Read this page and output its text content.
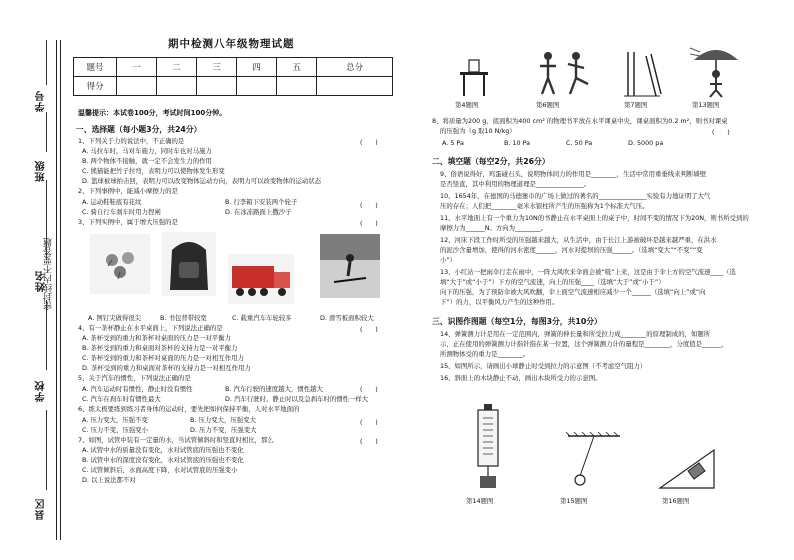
学号
班级
姓名
密封线内不要答题
学校
县区
期中检测八年级物理试题
题号	一	二	三	四	五	总分
得分						
温馨提示：本试卷100分，考试时间100分钟。
一、选择题（每小题3分，共24分）
1、下列关于力的说法中，不正确的是	(　　)
A. 马拉车时，马对车施力，同时车也对马施力
B. 两个物体不接触，就一定不会发生力的作用
C. 熊猫能把竹子拉弯，表明力可以使物体发生形变
D. 篮球被球拍击回，表明力可以改变物体运动方向，表明力可以改变物体的运动状态
2、下列事例中，能减小摩擦力的是
(　　)
A. 运动鞋鞋底有花纹	B. 行李箱下安装两个轮子
C. 骑自行车刹车时用力捏闸	D. 在冰冻路面上撒沙子
3、下列实例中，属于增大压强的是	(　　)
A. 图钉尖做得很尖	B. 书包背带较宽	C. 载重汽车车轮较多	D. 滑雪板面积较大
4、有一茶杯静止在水平桌面上，下列说法正确的是	(　　)
A. 茶杯受到的重力和茶杯对桌面的压力是一对平衡力
B. 茶杯受到的重力和桌面对茶杯的支持力是一对平衡力
C. 茶杯受到的重力和茶杯对桌面的压力是一对相互作用力
D. 茶杯受到的重力和桌面对茶杯的支持力是一对相互作用力
5、关于汽车的惯性，下列说法正确的是
(　　)
A. 汽车运动时有惯性，静止时没有惯性	B. 汽车行驶的速度越大，惯性越大
C. 汽车在刹车时有惯性最大	D. 汽车行驶时、静止时以及急刹车时的惯性一样大
6、练太极要练到练习者身体的运动时，要先把如何保持平衡，人对水平地面的
(　　)
A. 压力变大，压强不变	B. 压力变大，压强变大
C. 压力不变，压强变小	D. 压力不变，压强变大
7、如图，试管中装有一定量的水，当试管倾斜时和竖直时相比，那么	(　　)
A. 试管中水的质量没有变化，水对试管底的压强也不变化
B. 试管中水的深度没有变化，水对试管底的压强也不变化
C. 试管倾斜后，水面高度下降，水对试管底的压强变小
D. 以上说法都不对
第4题图	第6题图	第7题图	第13题图
8、将质量为200 g，底面积为400 cm² 的物理书平放在水平课桌中央，课桌面积为0.2 m²，则书对课桌
的压强为（g 取10 N/kg）	(　　)
A. 5 Pa	B. 10 Pa	C. 50 Pa	D. 5000 pa
二、填空题（每空2分，共26分）
9、俗语说得好，鸡蛋碰石头，说明物体间力的作用是________，生活中常用重垂线来判断墙壁
是否竖直，其中利用的物理道理是_______________。
10、1654年，在德国的马德堡市的广场上做过的著名的_______________实验有力地证明了大气
压的存在；人们把________毫米水银柱所产生的压强称为1个标准大气压。
11、水平地面上有一个重力为10N的书静止在水平桌面上的桌子中，时间不变的情况下为20N，则书所受到的
摩擦力为______N。方向为________。
12、河床下段工作时所受的压强越来越大，从生活中，由于长江上游被破坏是越来越严重，在洪水
的泥沙含量增加，使得的河水密度______，河水对提坝的压强______。（选填“变大”“不变”“变
小”）
13、小红站一把雨伞行走在雨中，一阵大风吹来伞面会被“吸”上来，这是由于伞上方的空气流速____（选
填“大于”或“小于”）下方的空气流速，向上的压强____（选填“大于”或“小于”）
向下的压强，为了预防伞被大风吹翻，伞上面空气流速相应减少一个______（选填“向上”或“向
下”）的力，以平衡风力产生的这种作用。
三、识图作图题（每空1分，每图3分，共10分）
14、弹簧测力计是用在一定范围内，弹簧的伸长量和所受拉力成________的原理制成的，如题所
示，正在使用的弹簧测力计指针指在某一位置，这个弹簧测力计的量程是________，分度值是______，
所测物体受的重力是________。
15、如图所示，请画出小球静止时受到拉力的示意图（不考虑空气阻力）
16、斜面上的木块静止不动，画出木块所受力的示意图。
第14题图	第15题图	第16题图
